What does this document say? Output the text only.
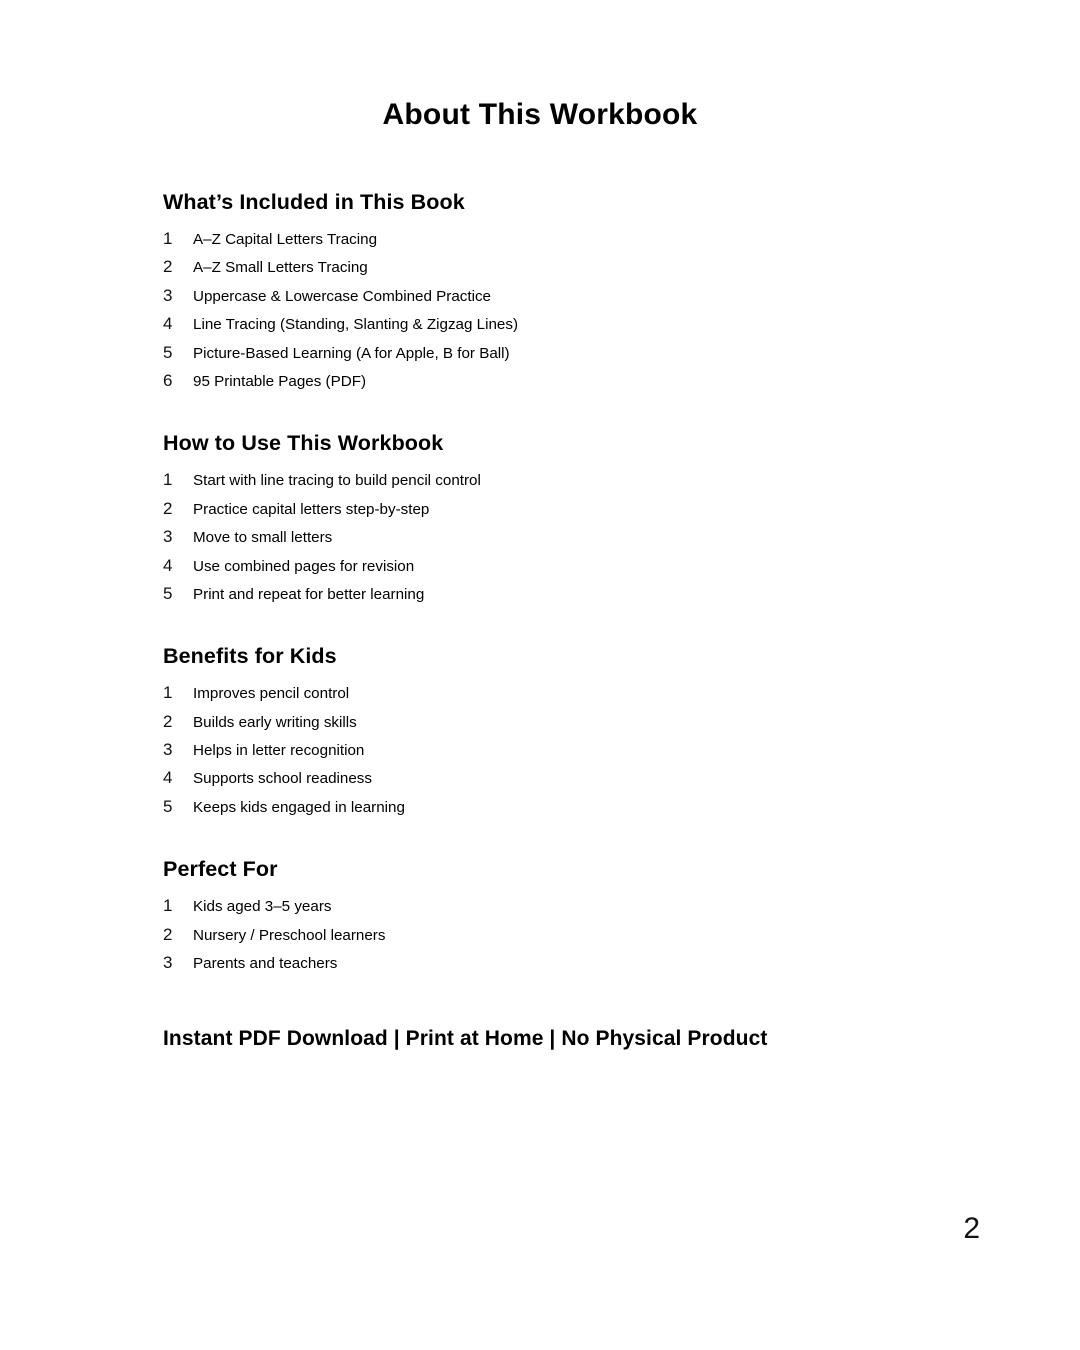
About This Workbook
What’s Included in This Book
1	A–Z Capital Letters Tracing
2	A–Z Small Letters Tracing
3	Uppercase & Lowercase Combined Practice
4	Line Tracing (Standing, Slanting & Zigzag Lines)
5	Picture-Based Learning (A for Apple, B for Ball)
6	95 Printable Pages (PDF)
How to Use This Workbook
1	Start with line tracing to build pencil control
2	Practice capital letters step-by-step
3	Move to small letters
4	Use combined pages for revision
5	Print and repeat for better learning
Benefits for Kids
1	Improves pencil control
2	Builds early writing skills
3	Helps in letter recognition
4	Supports school readiness
5	Keeps kids engaged in learning
Perfect For
1	Kids aged 3–5 years
2	Nursery / Preschool learners
3	Parents and teachers
Instant PDF Download | Print at Home | No Physical Product
2
